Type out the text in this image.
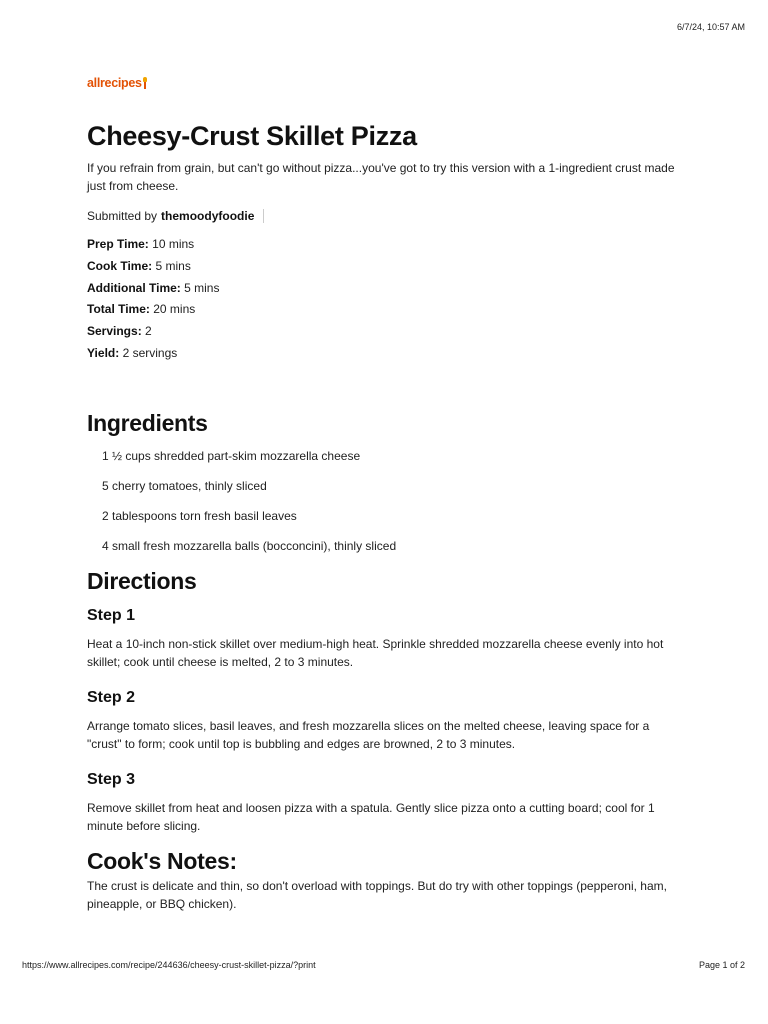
6/7/24, 10:57 AM
allrecipes
Cheesy-Crust Skillet Pizza

If you refrain from grain, but can't go without pizza...you've got to try this version with a 1-ingredient crust made just from cheese.

Submitted by themoodyfoodie
Prep Time: 10 mins
Cook Time: 5 mins
Additional Time: 5 mins
Total Time: 20 mins
Servings: 2
Yield: 2 servings
Ingredients
1 ½ cups shredded part-skim mozzarella cheese
5 cherry tomatoes, thinly sliced
2 tablespoons torn fresh basil leaves
4 small fresh mozzarella balls (bocconcini), thinly sliced
Directions
Step 1

Heat a 10-inch non-stick skillet over medium-high heat. Sprinkle shredded mozzarella cheese evenly into hot skillet; cook until cheese is melted, 2 to 3 minutes.

Step 2

Arrange tomato slices, basil leaves, and fresh mozzarella slices on the melted cheese, leaving space for a "crust" to form; cook until top is bubbling and edges are browned, 2 to 3 minutes.

Step 3

Remove skillet from heat and loosen pizza with a spatula. Gently slice pizza onto a cutting board; cool for 1 minute before slicing.

Cook's Notes:

The crust is delicate and thin, so don't overload with toppings. But do try with other toppings (pepperoni, ham, pineapple, or BBQ chicken).

https://www.allrecipes.com/recipe/244636/cheesy-crust-skillet-pizza/?print	Page 1 of 2
